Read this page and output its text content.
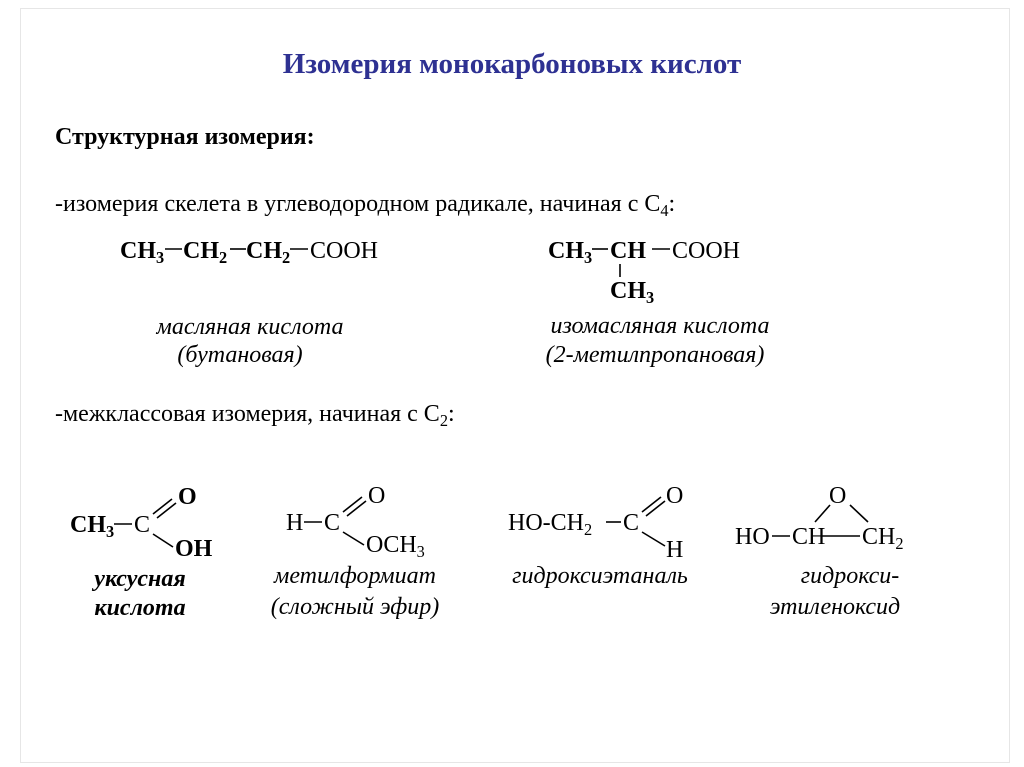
Изомерия монокарбоновых кислот
Структурная изомерия:
-изомерия скелета в углеводородном радикале, начиная с $C_4$:
$CH_3$ $CH_2$ $CH_2$ COOH
масляная кислота
(бутановая)
$CH_3$ CH COOH
$CH_3$
изомасляная кислота
(2-метилпропановая)
-межклассовая изомерия, начиная с $C_2$:
$CH_3$ C
O
OH
уксусная
кислота
H C
O
$OCH_3$
метилформиат
(сложный эфир)
$HO-CH_2$ C
O
H
гидроксиэтаналь
O
HO CH $CH_2$
гидрокси-
этиленоксид
